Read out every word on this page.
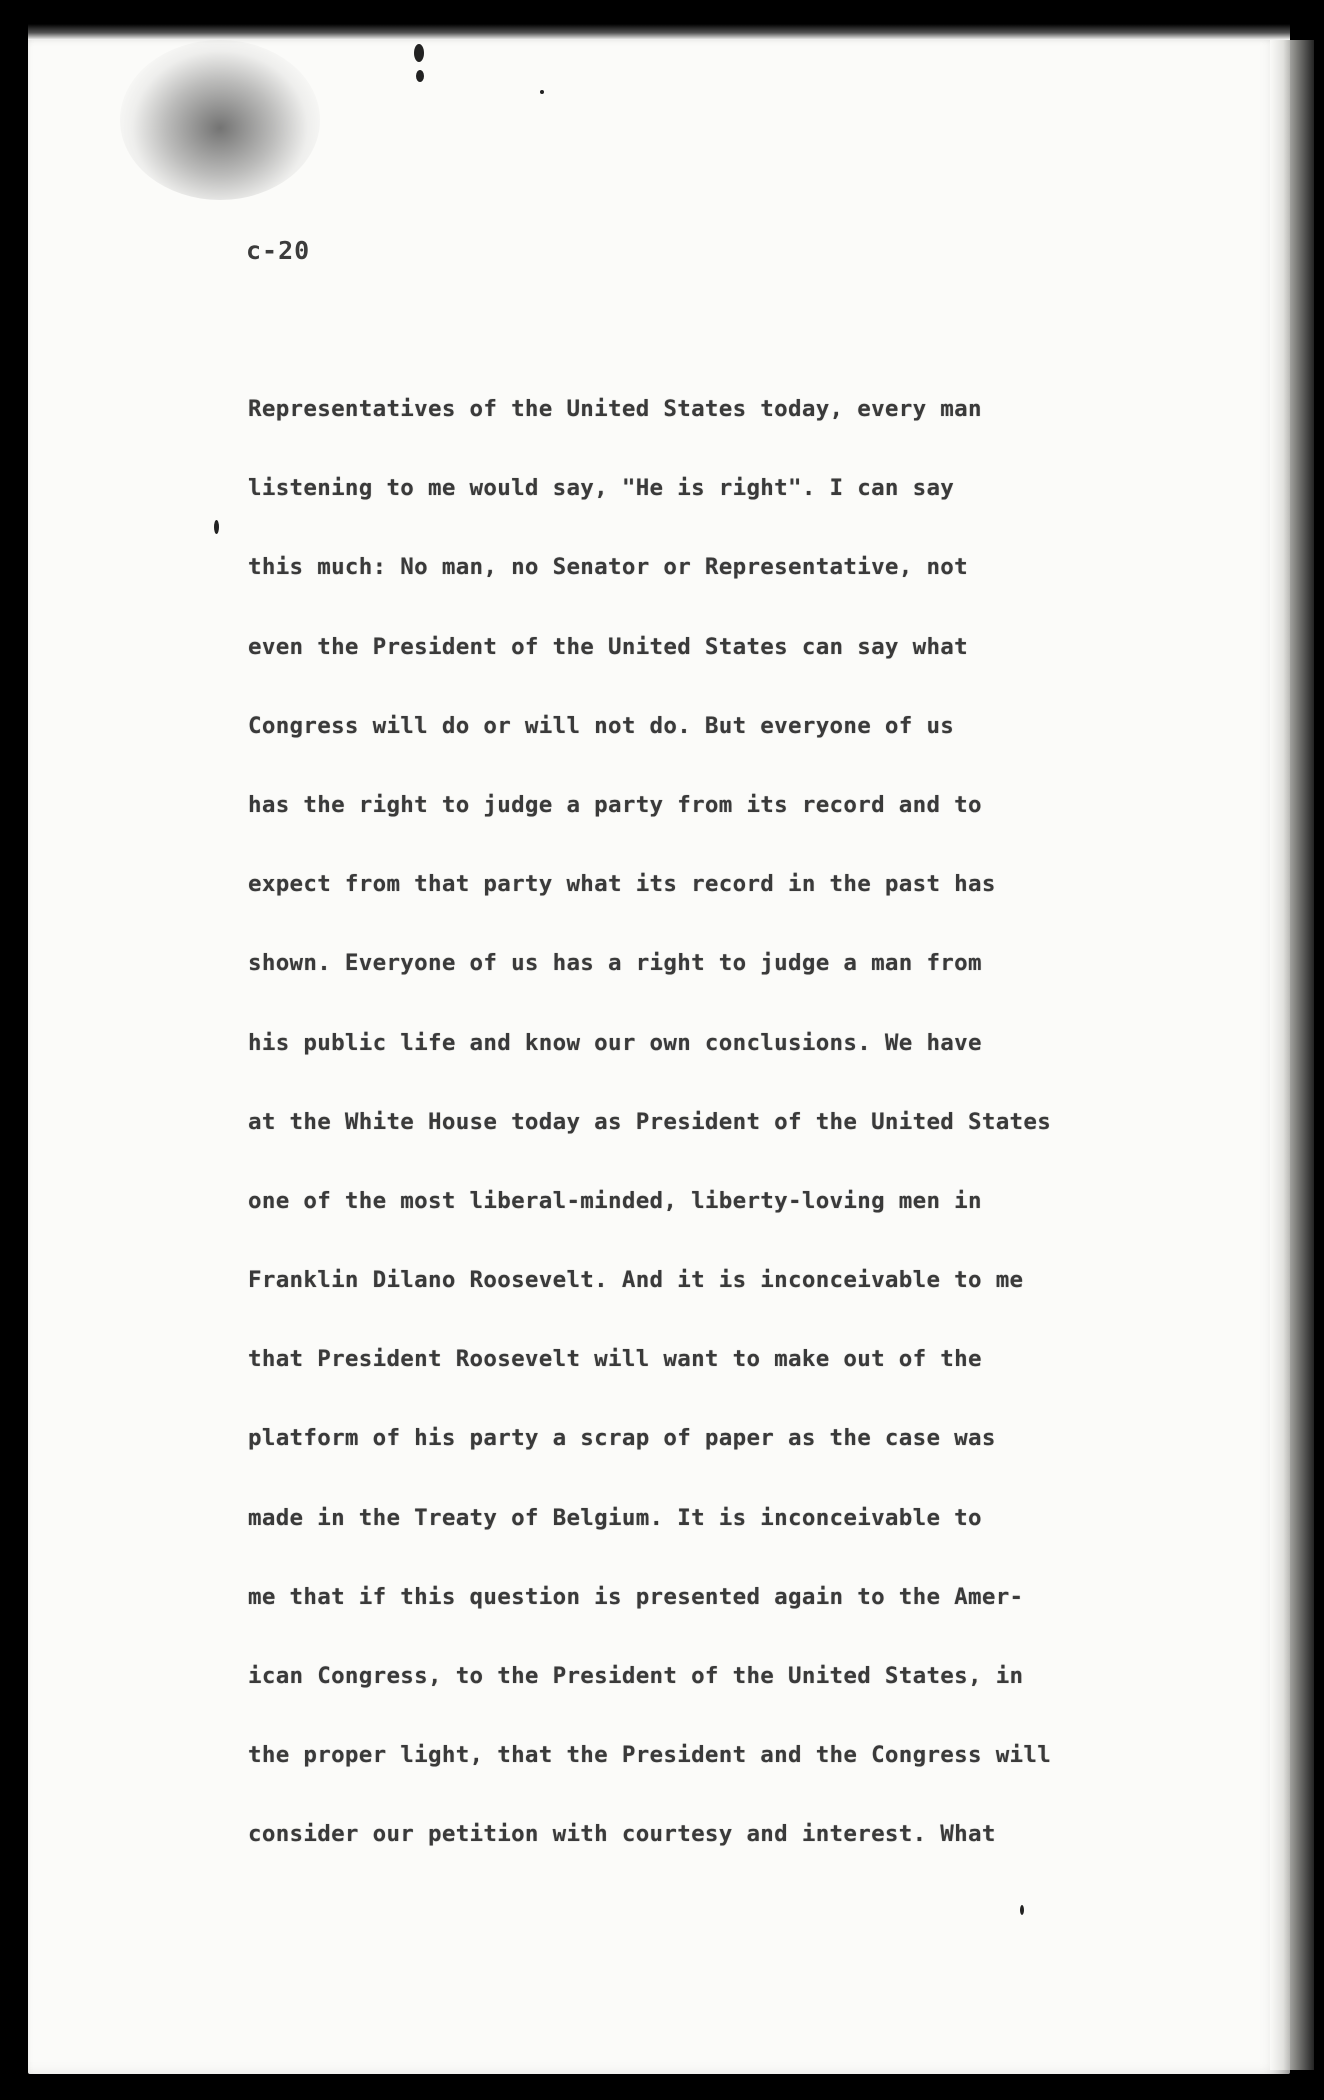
c-20
Representatives of the United States today, every man
listening to me would say, "He is right". I can say
this much: No man, no Senator or Representative, not
even the President of the United States can say what
Congress will do or will not do. But everyone of us
has the right to judge a party from its record and to
expect from that party what its record in the past has
shown. Everyone of us has a right to judge a man from
his public life and know our own conclusions. We have
at the White House today as President of the United States
one of the most liberal-minded, liberty-loving men in
Franklin Dilano Roosevelt. And it is inconceivable to me
that President Roosevelt will want to make out of the
platform of his party a scrap of paper as the case was
made in the Treaty of Belgium. It is inconceivable to
me that if this question is presented again to the Amer-
ican Congress, to the President of the United States, in
the proper light, that the President and the Congress will
consider our petition with courtesy and interest. What
